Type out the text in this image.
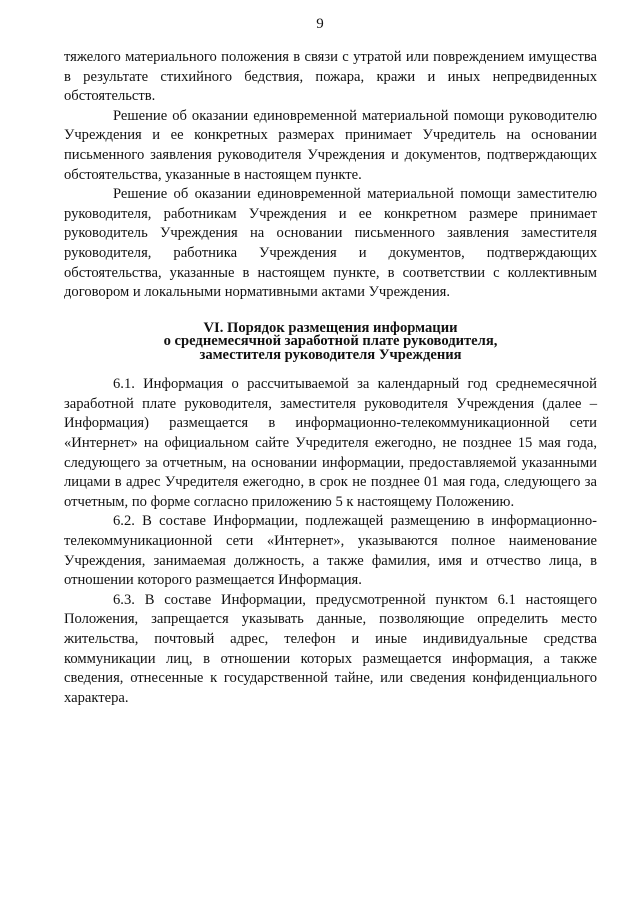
9

тяжелого материального положения в связи с утратой или повреждением имущества в результате стихийного бедствия, пожара, кражи и иных непредвиденных обстоятельств.

Решение об оказании единовременной материальной помощи руководителю Учреждения и ее конкретных размерах принимает Учредитель на основании письменного заявления руководителя Учреждения и документов, подтверждающих обстоятельства, указанные в настоящем пункте.

Решение об оказании единовременной материальной помощи заместителю руководителя, работникам Учреждения и ее конкретном размере принимает руководитель Учреждения на основании письменного заявления заместителя руководителя, работника Учреждения и документов, подтверждающих обстоятельства, указанные в настоящем пункте, в соответствии с коллективным договором и локальными нормативными актами Учреждения.

VI. Порядок размещения информации
о среднемесячной заработной плате руководителя,
заместителя руководителя Учреждения

6.1. Информация о рассчитываемой за календарный год среднемесячной заработной плате руководителя, заместителя руководителя Учреждения (далее – Информация) размещается в информационно-телекоммуникационной сети «Интернет» на официальном сайте Учредителя ежегодно, не позднее 15 мая года, следующего за отчетным, на основании информации, предоставляемой указанными лицами в адрес Учредителя ежегодно, в срок не позднее 01 мая года, следующего за отчетным, по форме согласно приложению 5 к настоящему Положению.

6.2. В составе Информации, подлежащей размещению в информационно-телекоммуникационной сети «Интернет», указываются полное наименование Учреждения, занимаемая должность, а также фамилия, имя и отчество лица, в отношении которого размещается Информация.

6.3. В составе Информации, предусмотренной пунктом 6.1 настоящего Положения, запрещается указывать данные, позволяющие определить место жительства, почтовый адрес, телефон и иные индивидуальные средства коммуникации лиц, в отношении которых размещается информация, а также сведения, отнесенные к государственной тайне, или сведения конфиденциального характера.
